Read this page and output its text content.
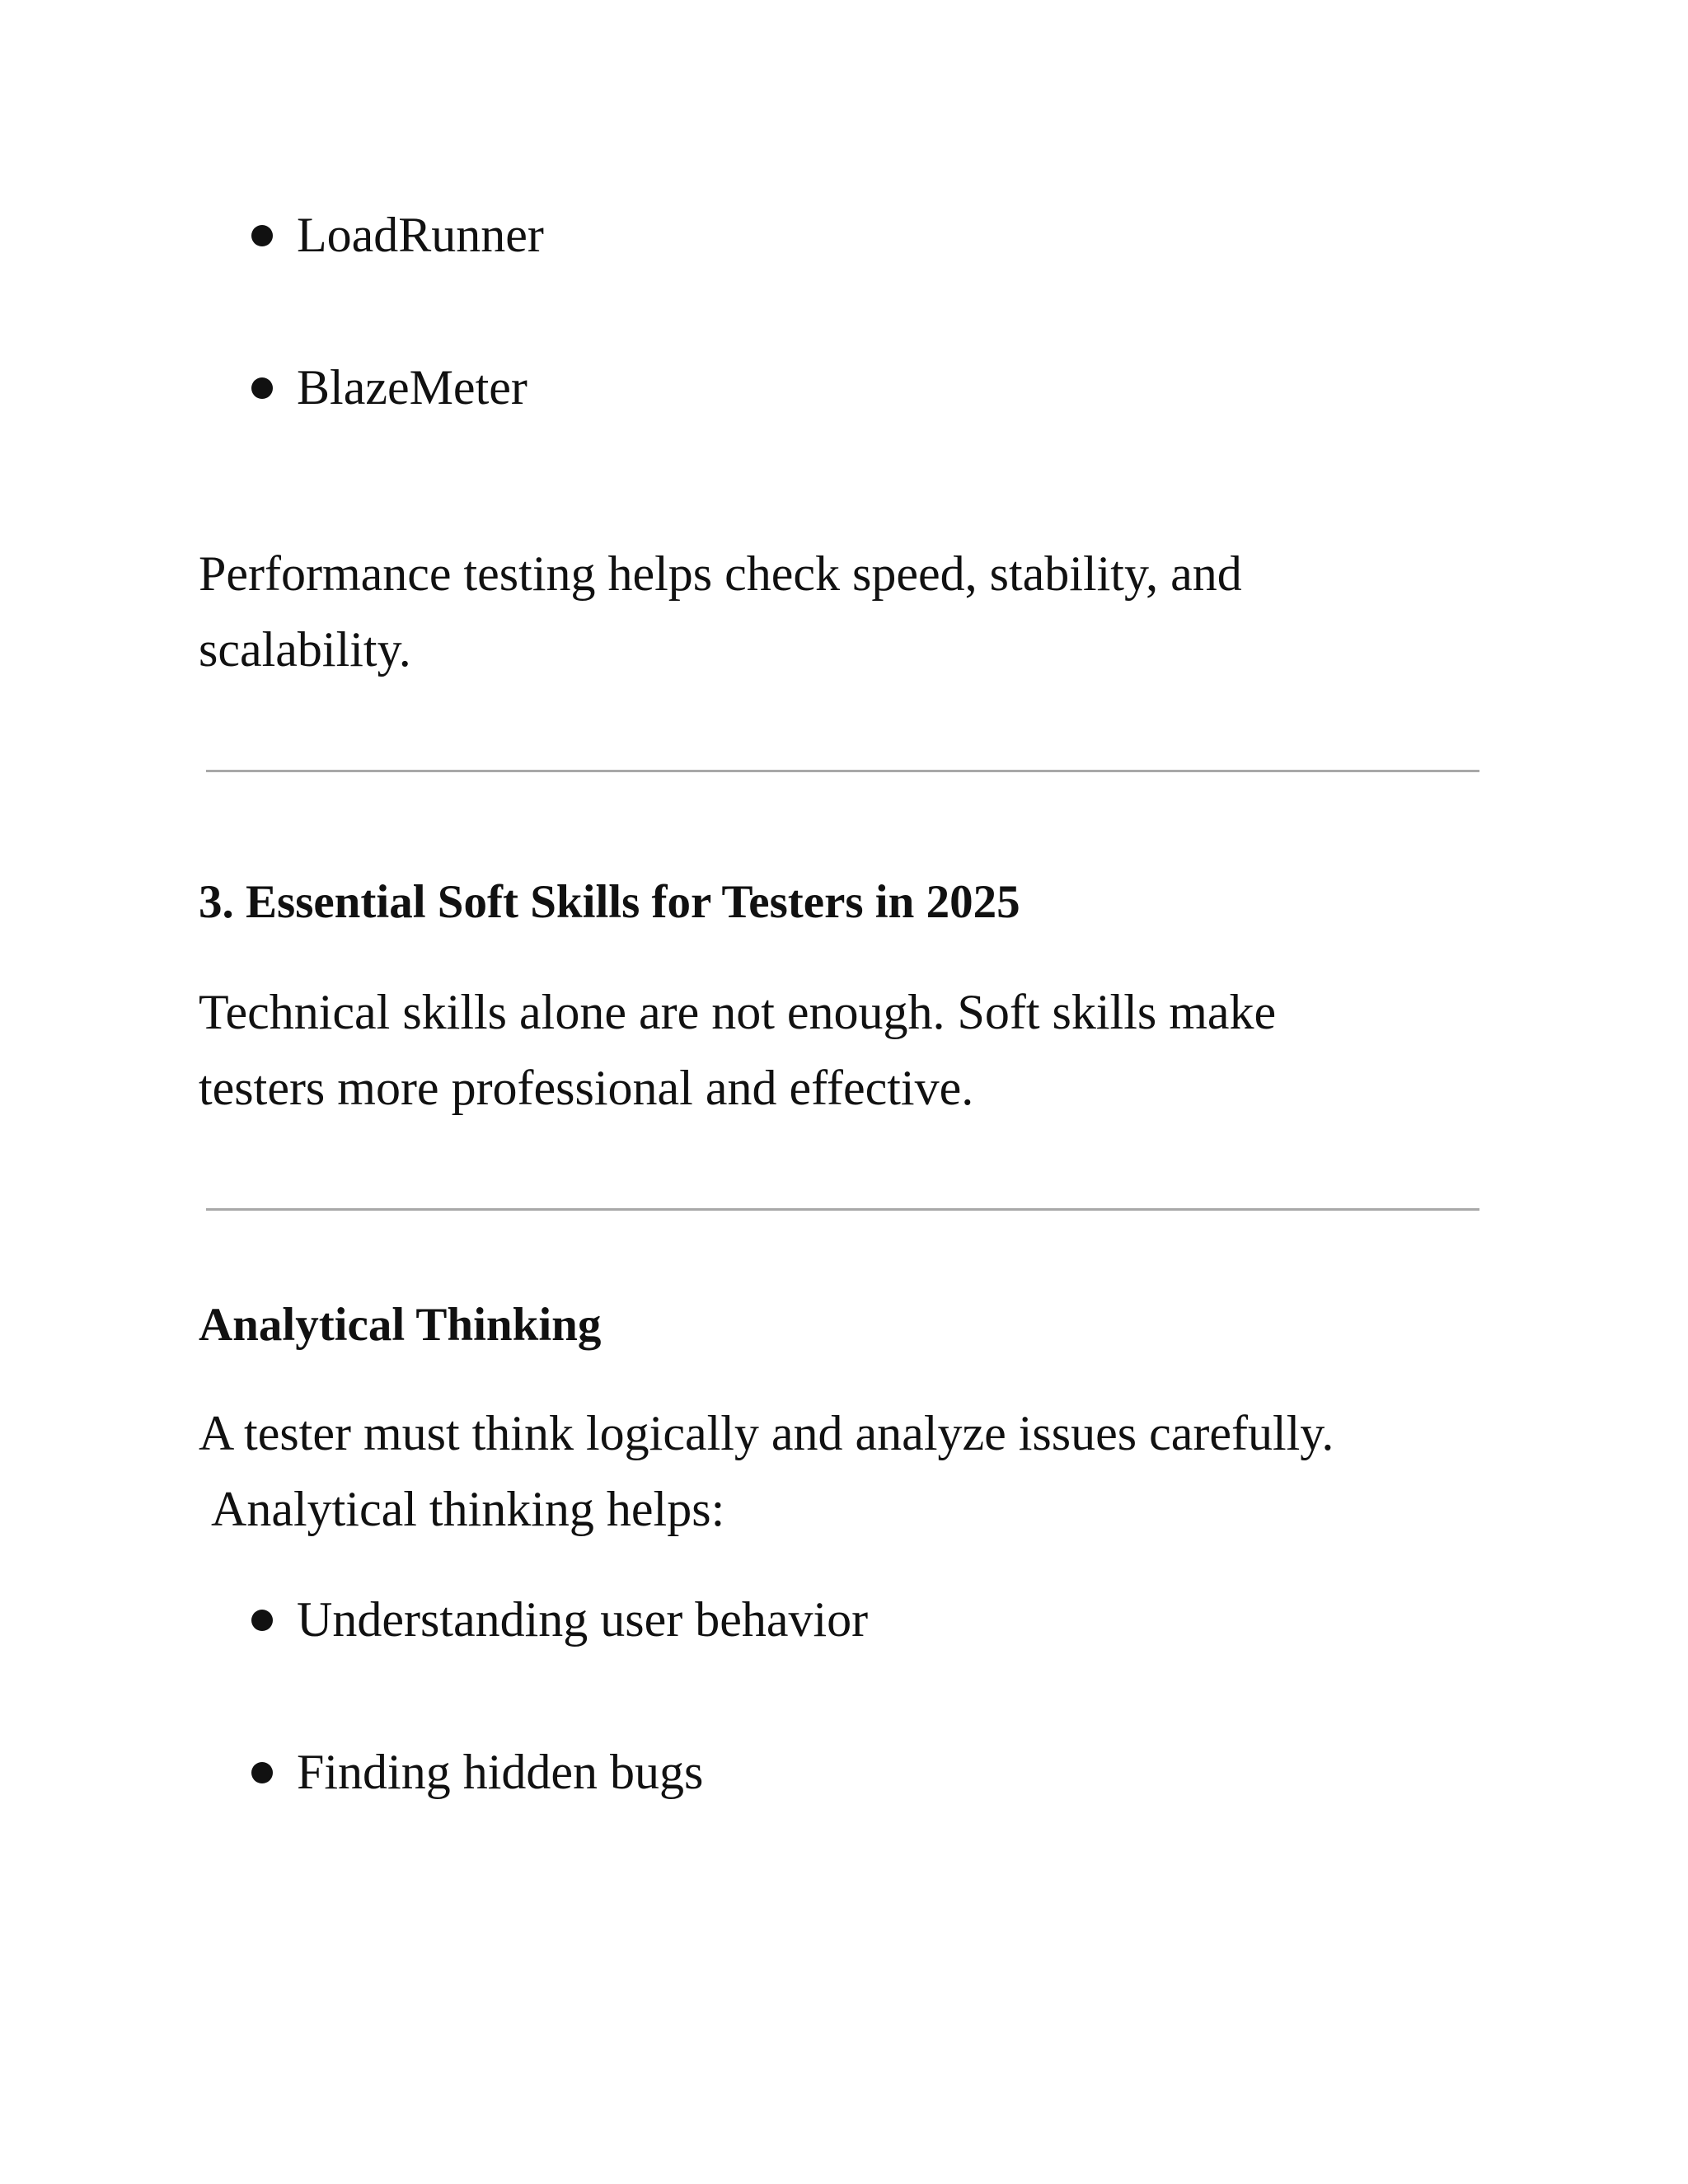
LoadRunner
BlazeMeter

Performance testing helps check speed, stability, and
scalability.

3. Essential Soft Skills for Testers in 2025

Technical skills alone are not enough. Soft skills make
testers more professional and effective.

Analytical Thinking

A tester must think logically and analyze issues carefully.
Analytical thinking helps:

Understanding user behavior
Finding hidden bugs
